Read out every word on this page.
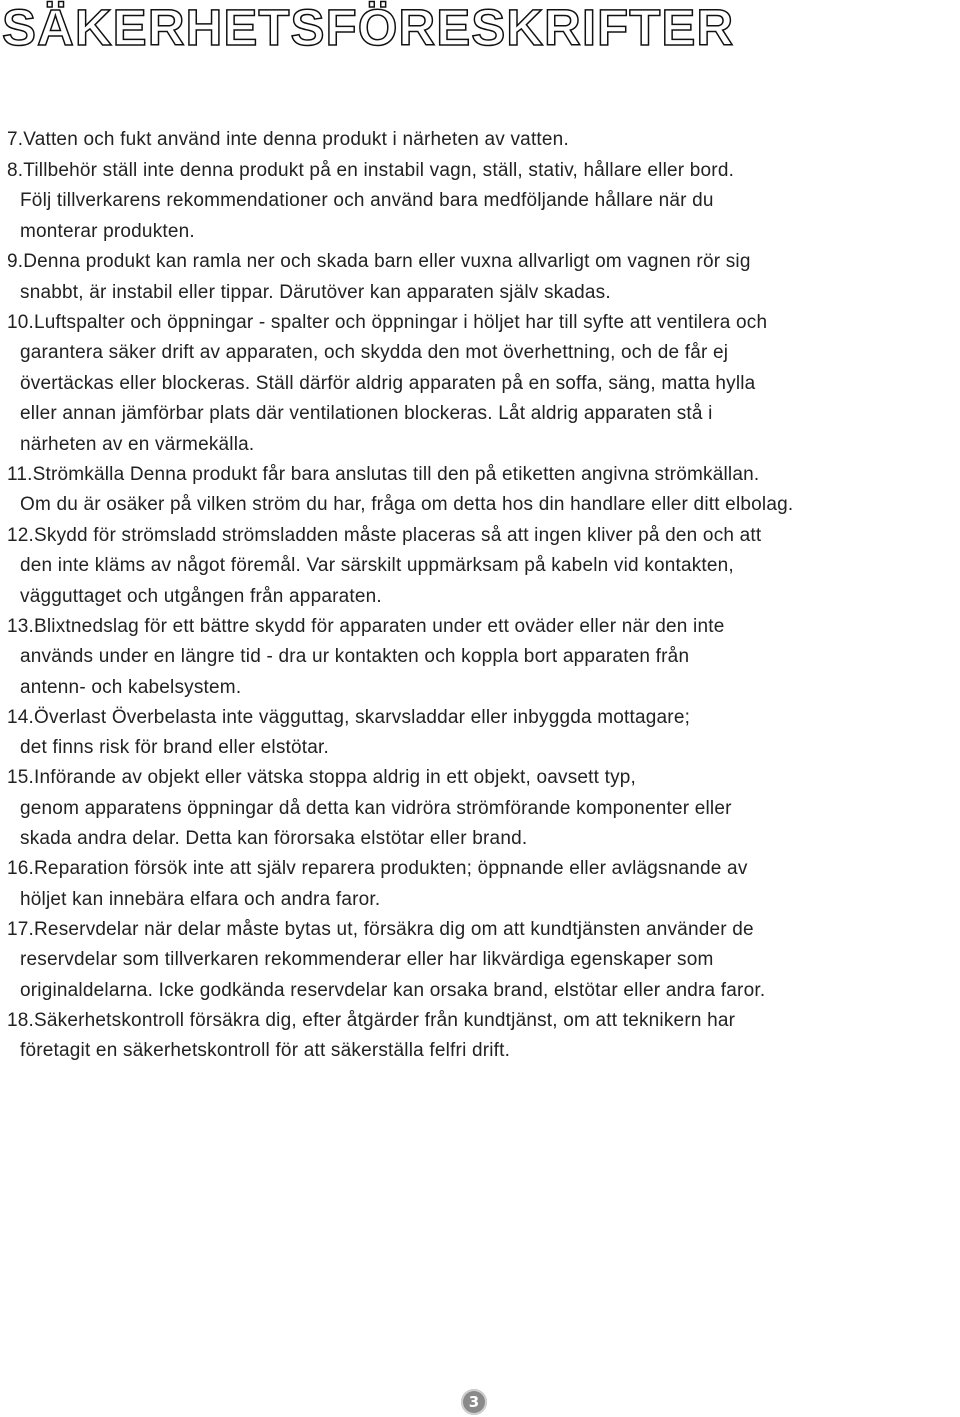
SÄKERHETSFÖRESKRIFTER
7.Vatten och fukt använd inte denna produkt i närheten av vatten.
8.Tillbehör ställ inte denna produkt på en instabil vagn, ställ, stativ, hållare eller bord.
Följ tillverkarens rekommendationer och använd bara medföljande hållare när du
monterar produkten.
9.Denna produkt kan ramla ner och skada barn eller vuxna allvarligt om vagnen rör sig
snabbt, är instabil eller tippar. Därutöver kan apparaten själv skadas.
10.Luftspalter och öppningar - spalter och öppningar i höljet har till syfte att ventilera och
garantera säker drift av apparaten, och skydda den mot överhettning, och de får ej
övertäckas eller blockeras. Ställ därför aldrig apparaten på en soffa, säng, matta hylla
eller annan jämförbar plats där ventilationen blockeras. Låt aldrig apparaten stå i
närheten av en värmekälla.
11.Strömkälla Denna produkt får bara anslutas till den på etiketten angivna strömkällan.
Om du är osäker på vilken ström du har, fråga om detta hos din handlare eller ditt elbolag.
12.Skydd för strömsladd strömsladden måste placeras så att ingen kliver på den och att
den inte kläms av något föremål. Var särskilt uppmärksam på kabeln vid kontakten,
vägguttaget och utgången från apparaten.
13.Blixtnedslag för ett bättre skydd för apparaten under ett oväder eller när den inte
används under en längre tid - dra ur kontakten och koppla bort apparaten från
antenn- och kabelsystem.
14.Överlast Överbelasta inte vägguttag, skarvsladdar eller inbyggda mottagare;
det finns risk för brand eller elstötar.
15.Införande av objekt eller vätska stoppa aldrig in ett objekt, oavsett typ,
genom apparatens öppningar då detta kan vidröra strömförande komponenter eller
skada andra delar. Detta kan förorsaka elstötar eller brand.
16.Reparation försök inte att själv reparera produkten; öppnande eller avlägsnande av
höljet kan innebära elfara och andra faror.
17.Reservdelar när delar måste bytas ut, försäkra dig om att kundtjänsten använder de
reservdelar som tillverkaren rekommenderar eller har likvärdiga egenskaper som
originaldelarna. Icke godkända reservdelar kan orsaka brand, elstötar eller andra faror.
18.Säkerhetskontroll försäkra dig, efter åtgärder från kundtjänst, om att teknikern har
företagit en säkerhetskontroll för att säkerställa felfri drift.
3
